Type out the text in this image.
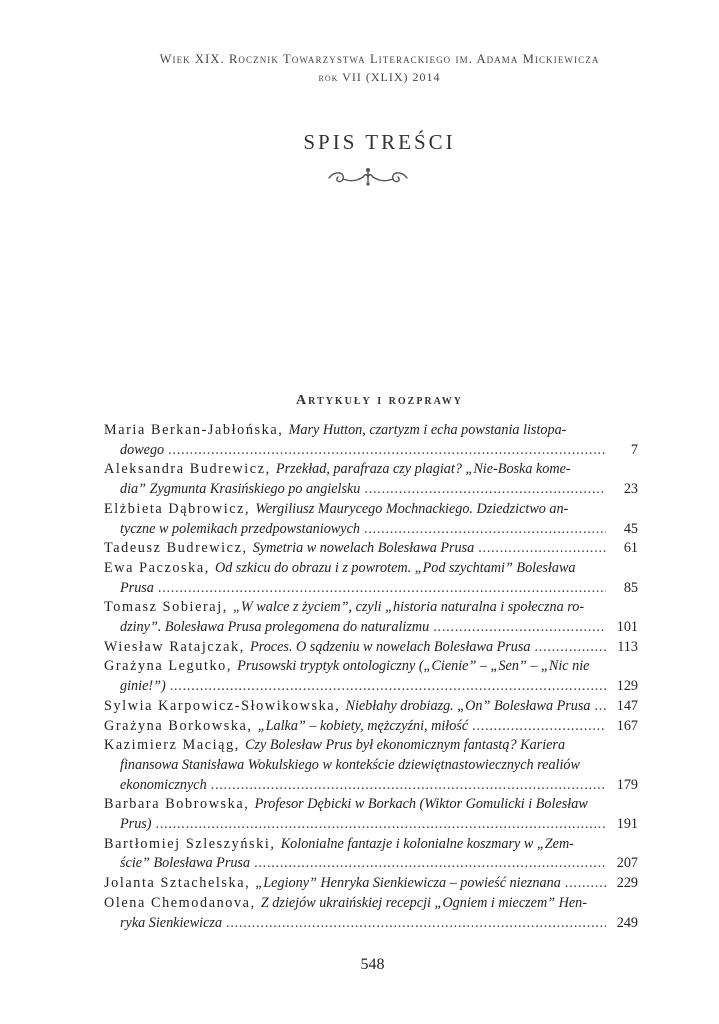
Wiek XIX. Rocznik Towarzystwa Literackiego im. Adama Mickiewicza
rok VII (XLIX) 2014
SPIS TREŚCI
Artykuły i rozprawy
Maria Berkan-Jabłońska, Mary Hutton, czartyzm i echa powstania listopa-
dowego . . .	7
Aleksandra Budrewicz, Przekład, parafraza czy plagiat? „Nie-Boska kome-
dia” Zygmunta Krasińskiego po angielsku . . .	23
Elżbieta Dąbrowicz, Wergiliusz Maurycego Mochnackiego. Dziedzictwo an-
tyczne w polemikach przedpowstaniowych . . .	45
Tadeusz Budrewicz, Symetria w nowelach Bolesława Prusa . . .	61
Ewa Paczoska, Od szkicu do obrazu i z powrotem. „Pod szychtami” Bolesława
Prusa . . .	85
Tomasz Sobieraj, „W walce z życiem”, czyli „historia naturalna i społeczna ro-
dziny”. Bolesława Prusa prolegomena do naturalizmu . . .	101
Wiesław Ratajczak, Proces. O sądzeniu w nowelach Bolesława Prusa . . .	113
Grażyna Legutko, Prusowski tryptyk ontologiczny („Cienie” – „Sen” – „Nic nie
ginie!”) . . .	129
Sylwia Karpowicz-Słowikowska, Niebłahy drobiazg. „On” Bolesława Prusa . . .	147
Grażyna Borkowska, „Lalka” – kobiety, mężczyźni, miłość . . .	167
Kazimierz Maciąg, Czy Bolesław Prus był ekonomicznym fantastą? Kariera
finansowa Stanisława Wokulskiego w kontekście dziewiętnastowiecznych realiów
ekonomicznych . . .	179
Barbara Bobrowska, Profesor Dębicki w Borkach (Wiktor Gomulicki i Bolesław
Prus) . . .	191
Bartłomiej Szleszyński, Kolonialne fantazje i kolonialne koszmary w „Zem-
ście” Bolesława Prusa . . .	207
Jolanta Sztachelska, „Legiony” Henryka Sienkiewicza – powieść nieznana . . .	229
Olena Chemodanova, Z dziejów ukraińskiej recepcji „Ogniem i mieczem” Hen-
ryka Sienkiewicza . . .	249
548
